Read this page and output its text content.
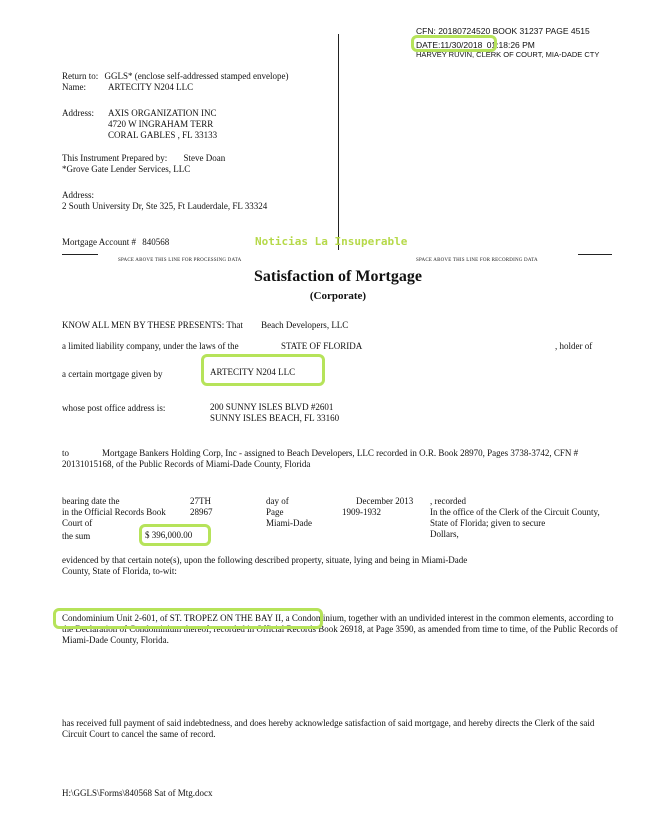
CFN: 20180724520 BOOK 31237 PAGE 4515
DATE:11/30/2018 01:18:26 PM
HARVEY RUVIN, CLERK OF COURT, MIA-DADE CTY
Return to: GGLS* (enclose self-addressed stamped envelope)
Name: ARTECITY N204 LLC
Address: AXIS ORGANIZATION INC
4720 W INGRAHAM TERR
CORAL GABLES , FL 33133
This Instrument Prepared by: Steve Doan
*Grove Gate Lender Services, LLC
Address:
2 South University Dr, Ste 325, Ft Lauderdale, FL 33324
Mortgage Account # 840568	Noticias La Insuperable
SPACE ABOVE THIS LINE FOR PROCESSING DATA	SPACE ABOVE THIS LINE FOR RECORDING DATA
Satisfaction of Mortgage
(Corporate)
KNOW ALL MEN BY THESE PRESENTS: That Beach Developers, LLC
a limited liability company, under the laws of the	STATE OF FLORIDA	, holder of
a certain mortgage given by	ARTECITY N204 LLC
whose post office address is:	200 SUNNY ISLES BLVD #2601
SUNNY ISLES BEACH, FL 33160
to	Mortgage Bankers Holding Corp, Inc - assigned to Beach Developers, LLC recorded in O.R. Book 28970, Pages 3738-3742, CFN # 20131015168, of the Public Records of Miami-Dade County, Florida
bearing date the	27TH	day of	December 2013 , recorded
in the Official Records Book	28967	Page	1909-1932	In the office of the Clerk of the Circuit County, State of Florida; given to secure
Court of	Miami-Dade
the sum	$ 396,000.00	Dollars,
evidenced by that certain note(s), upon the following described property, situate, lying and being in Miami-Dade County, State of Florida, to-wit:
Condominium Unit 2-601, of ST. TROPEZ ON THE BAY II, a Condominium, together with an undivided interest in the common elements, according to the Declaration of Condominium thereof, recorded in Official Records Book 26918, at Page 3590, as amended from time to time, of the Public Records of Miami-Dade County, Florida.
has received full payment of said indebtedness, and does hereby acknowledge satisfaction of said mortgage, and hereby directs the Clerk of the said Circuit Court to cancel the same of record.
H:\GGLS\Forms\840568 Sat of Mtg.docx
